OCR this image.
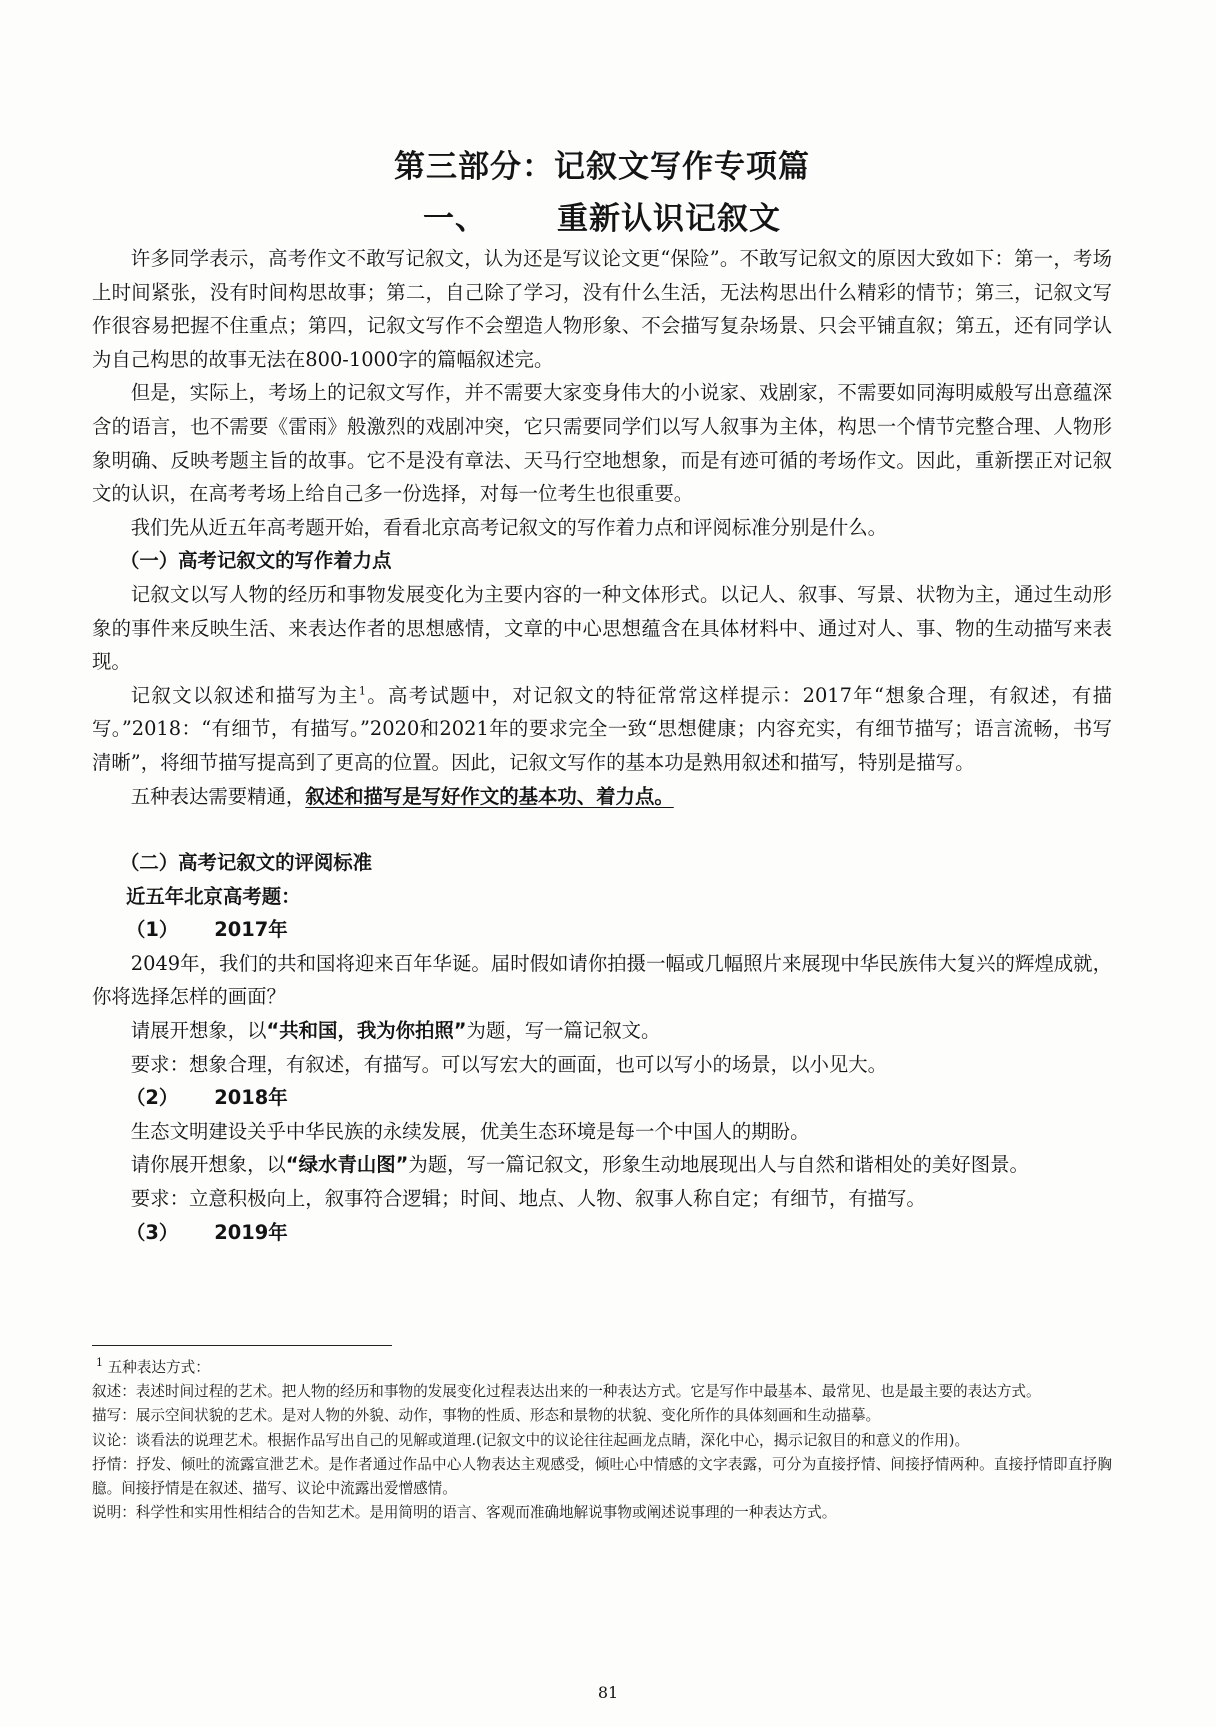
第三部分：记叙文写作专项篇
一、 重新认识记叙文

许多同学表示，高考作文不敢写记叙文，认为还是写议论文更“保险”。不敢写记叙文的原因大致如下：第一，考场上时间紧张，没有时间构思故事；第二，自己除了学习，没有什么生活，无法构思出什么精彩的情节；第三，记叙文写作很容易把握不住重点；第四，记叙文写作不会塑造人物形象、不会描写复杂场景、只会平铺直叙；第五，还有同学认为自己构思的故事无法在800-1000字的篇幅叙述完。

但是，实际上，考场上的记叙文写作，并不需要大家变身伟大的小说家、戏剧家，不需要如同海明威般写出意蕴深含的语言，也不需要《雷雨》般激烈的戏剧冲突，它只需要同学们以写人叙事为主体，构思一个情节完整合理、人物形象明确、反映考题主旨的故事。它不是没有章法、天马行空地想象，而是有迹可循的考场作文。因此，重新摆正对记叙文的认识，在高考考场上给自己多一份选择，对每一位考生也很重要。

我们先从近五年高考题开始，看看北京高考记叙文的写作着力点和评阅标准分别是什么。

（一）高考记叙文的写作着力点

记叙文以写人物的经历和事物发展变化为主要内容的一种文体形式。以记人、叙事、写景、状物为主，通过生动形象的事件来反映生活、来表达作者的思想感情，文章的中心思想蕴含在具体材料中、通过对人、事、物的生动描写来表现。

记叙文以叙述和描写为主$^1$。高考试题中，对记叙文的特征常常这样提示：2017年“想象合理，有叙述，有描写。”2018：“有细节，有描写。”2020和2021年的要求完全一致“思想健康；内容充实，有细节描写；语言流畅，书写清晰”，将细节描写提高到了更高的位置。因此，记叙文写作的基本功是熟用叙述和描写，特别是描写。

五种表达需要精通，叙述和描写是写好作文的基本功、着力点。

（二）高考记叙文的评阅标准

近五年北京高考题：

（1） 2017年

2049年，我们的共和国将迎来百年华诞。届时假如请你拍摄一幅或几幅照片来展现中华民族伟大复兴的辉煌成就，你将选择怎样的画面？

请展开想象，以“共和国，我为你拍照”为题，写一篇记叙文。

要求：想象合理，有叙述，有描写。可以写宏大的画面，也可以写小的场景，以小见大。

（2） 2018年

生态文明建设关乎中华民族的永续发展，优美生态环境是每一个中国人的期盼。

请你展开想象，以“绿水青山图”为题，写一篇记叙文，形象生动地展现出人与自然和谐相处的美好图景。

要求：立意积极向上，叙事符合逻辑；时间、地点、人物、叙事人称自定；有细节，有描写。

（3） 2019年

$^1$ 五种表达方式：

叙述：表述时间过程的艺术。把人物的经历和事物的发展变化过程表达出来的一种表达方式。它是写作中最基本、最常见、也是最主要的表达方式。

描写：展示空间状貌的艺术。是对人物的外貌、动作，事物的性质、形态和景物的状貌、变化所作的具体刻画和生动描摹。

议论：谈看法的说理艺术。根据作品写出自己的见解或道理.(记叙文中的议论往往起画龙点睛，深化中心，揭示记叙目的和意义的作用)。

抒情：抒发、倾吐的流露宣泄艺术。是作者通过作品中心人物表达主观感受，倾吐心中情感的文字表露，可分为直接抒情、间接抒情两种。直接抒情即直抒胸臆。间接抒情是在叙述、描写、议论中流露出爱憎感情。

说明：科学性和实用性相结合的告知艺术。是用简明的语言、客观而准确地解说事物或阐述说事理的一种表达方式。

81
